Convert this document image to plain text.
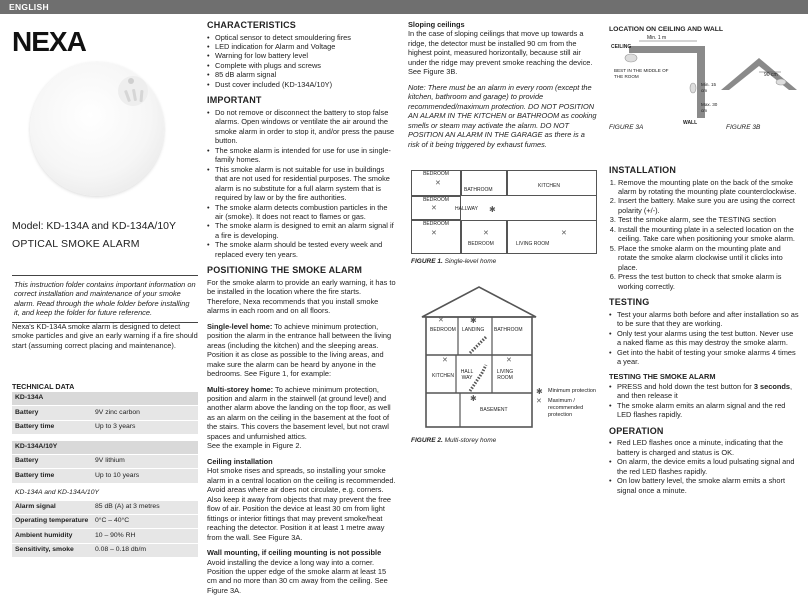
ENGLISH
NEXA
Model: KD-134A and KD-134A/10Y
OPTICAL SMOKE ALARM
This instruction folder contains important information on correct installation and maintenance of your smoke alarm. Read through the whole folder before installing it, and keep the folder for future reference.
Nexa's KD-134A smoke alarm is designed to detect smoke particles and give an early warning if a fire should start (assuming correct placing and maintenance).
TECHNICAL DATA
KD-134A	
Battery	9V zinc carbon
Battery time	Up to 3 years

KD-134A/10Y	
Battery	9V lithium
Battery time	Up to 10 years
KD-134A and KD-134A/10Y	
Alarm signal	85 dB (A) at 3 metres
Operating temperature	0°C – 40°C
Ambient humidity	10 – 90% RH
Sensitivity, smoke	0.08 – 0.18 db/m
CHARACTERISTICS
• Optical sensor to detect smouldering fires
• LED indication for Alarm and Voltage
• Warning for low battery level
• Complete with plugs and screws
• 85 dB alarm signal
• Dust cover included (KD-134A/10Y)
IMPORTANT
• Do not remove or disconnect the battery to stop false alarms. Open windows or ventilate the air around the smoke alarm in order to stop it, and/or press the pause button.
• The smoke alarm is intended for use for use in single-family homes.
• This smoke alarm is not suitable for use in buildings that are not used for residential purposes. The smoke alarm is no substitute for a full alarm system that is required by law or by the fire authorities.
• The smoke alarm detects combustion particles in the air (smoke). It does not react to flames or gas.
• The smoke alarm is designed to emit an alarm signal if a fire is developing.
• The smoke alarm should be tested every week and replaced every ten years.
POSITIONING THE SMOKE ALARM

For the smoke alarm to provide an early warning, it has to be installed in the location where the fire starts. Therefore, Nexa recommends that you install smoke alarms in each room and on all floors.

Single-level home: To achieve minimum protection, position the alarm in the entrance hall between the living areas (including the kitchen) and the sleeping areas. Position it as close as possible to the living areas, and make sure the alarm can be heard by anyone in the bedrooms. See Figure 1, for example:

Multi-storey home: To achieve minimum protection, position and alarm in the stairwell (at ground level) and another alarm above the landing on the top floor, as well as an alarm on the ceiling in the basement at the foot of the stairs. This covers the basement level, but not crawl spaces and unfurnished attics.
See the example in Figure 2.

Ceiling installation

Hot smoke rises and spreads, so installing your smoke alarm in a central location on the ceiling is recommended. Avoid areas where air does not circulate, e.g. corners. Also keep it away from objects that may prevent the free flow of air. Position the device at least 30 cm from light fittings or interior fittings that may prevent smoke/heat reaching the detector. Position it at least 1 metre away from the wall. See Figure 3A.

Wall mounting, if ceiling mounting is not possible

Avoid installing the device a long way into a corner. Position the upper edge of the smoke alarm at least 15 cm and no more than 30 cm away from the ceiling. See Figure 3A.

Sloping ceilings

In the case of sloping ceilings that move up towards a ridge, the detector must be installed 90 cm from the highest point, measured horizontally, because still air under the ridge may prevent smoke reaching the device. See Figure 3B.

Note: There must be an alarm in every room (except the kitchen, bathroom and garage) to provide recommended/maximum protection. DO NOT POSITION AN ALARM IN THE KITCHEN or BATHROOM as cooking smells or steam may activate the alarm. DO NOT POSITION AN ALARM IN THE GARAGE as there is a risk of it being triggered by exhaust fumes.

BEDROOM
BATHROOM
KITCHEN
BEDROOM
BEDROOM
BEDROOM	LIVING ROOM
HALLWAY
✕
✕
✕	✕	✕
✱
FIGURE 1. Single-level home
BEDROOM LANDING BATHROOM
KITCHEN
HALL WAY
LIVING ROOM
BASEMENT
✕	✱
✕	✕
✱
✱ Minimum protection
✕ Maximum / recommended protection
FIGURE 2. Multi-storey home
LOCATION ON CEILING AND WALL
CEILING
Min. 1 m
BEST IN THE MIDDLE OF THE ROOM
Min. 15 cm
Max. 30 cm
WALL
90 cm
FIGURE 3A	FIGURE 3B
INSTALLATION
1. Remove the mounting plate on the back of the smoke alarm by rotating the mounting plate counterclockwise.
2. Insert the battery. Make sure you are using the correct polarity (+/-).
3. Test the smoke alarm, see the TESTING section
4. Install the mounting plate in a selected location on the ceiling. Take care when positioning your smoke alarm.
5. Place the smoke alarm on the mounting plate and rotate the smoke alarm clockwise until it clicks into place.
6. Press the test button to check that smoke alarm is working correctly.
TESTING
• Test your alarms both before and after installation so as to be sure that they are working.
• Only test your alarms using the test button. Never use a naked flame as this may destroy the smoke alarm.
• Get into the habit of testing your smoke alarms 4 times a year.
TESTING THE SMOKE ALARM
• PRESS and hold down the test button for 3 seconds, and then release it
• The smoke alarm emits an alarm signal and the red LED flashes rapidly.
OPERATION
• Red LED flashes once a minute, indicating that the battery is charged and status is OK.
• On alarm, the device emits a loud pulsating signal and the red LED flashes rapidly.
• On low battery level, the smoke alarm emits a short signal once a minute.
